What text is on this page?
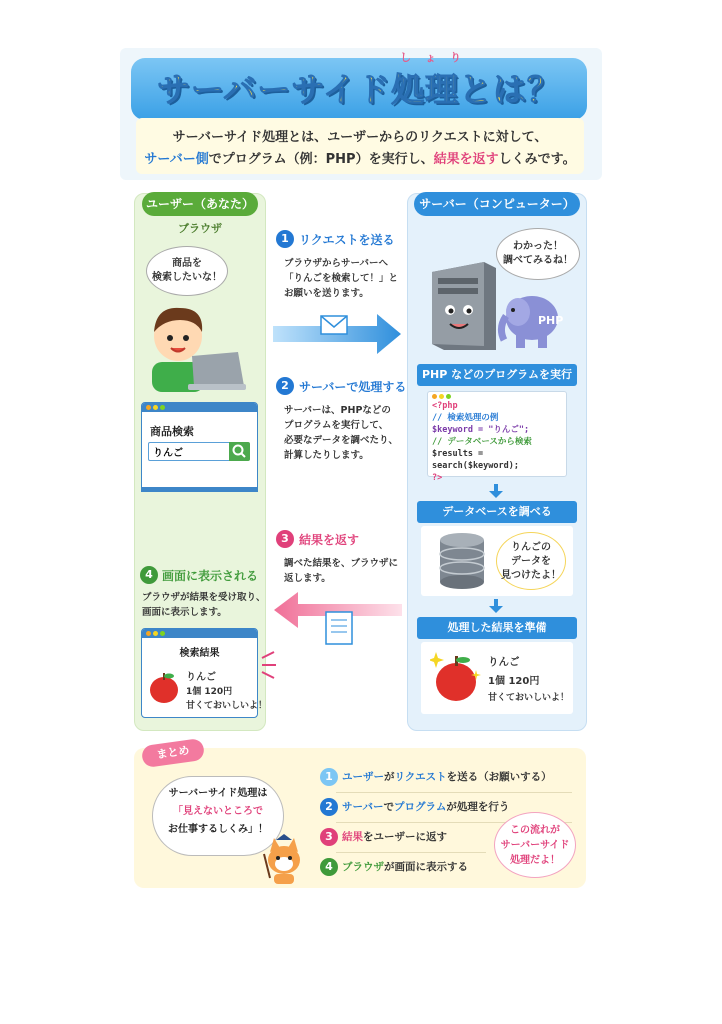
しょり
サーバーサイド処理とは？
サーバーサイド処理とは、ユーザーからのリクエストに対して、
サーバー側でプログラム（例：PHP）を実行し、結果を返すしくみです。
ユーザー（あなた）
ブラウザ
商品を
検索したいな！
商品検索
りんご
4 画面に表示される
ブラウザが結果を受け取り、
画面に表示します。
検索結果
りんご
1個 120円
甘くておいしいよ！
1 リクエストを送る
ブラウザからサーバーへ
「りんごを検索して！」と
お願いを送ります。
2 サーバーで処理する
サーバーは、PHPなどの
プログラムを実行して、
必要なデータを調べたり、
計算したりします。
3 結果を返す
調べた結果を、ブラウザに
返します。
サーバー（コンピューター）
わかった！
調べてみるね！
PHP
PHP などのプログラムを実行
<?php
// 検索処理の例
$keyword = "りんご";
// データベースから検索
$results = search($keyword);
?>
データベースを調べる
りんごの
データを
見つけたよ！
処理した結果を準備
りんご
1個 120円
甘くておいしいよ！
まとめ
サーバーサイド処理は
「見えないところで
お仕事するしくみ」！
1 ユーザーがリクエストを送る（お願いする）
2 サーバーでプログラムが処理を行う
3 結果をユーザーに返す
4 ブラウザが画面に表示する
この流れが
サーバーサイド
処理だよ！
